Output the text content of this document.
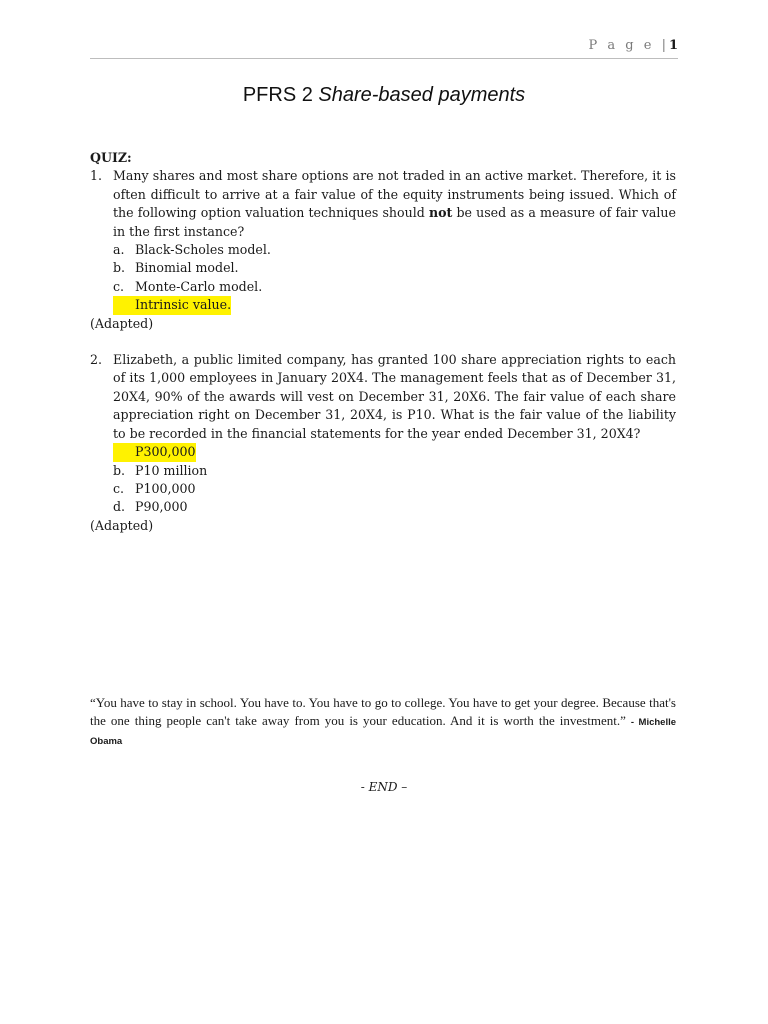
P a g e |1
PFRS 2 Share-based payments
QUIZ:
1. Many shares and most share options are not traded in an active market. Therefore, it is often difficult to arrive at a fair value of the equity instruments being issued. Which of the following option valuation techniques should not be used as a measure of fair value in the first instance?
a. Black-Scholes model.
b. Binomial model.
c. Monte-Carlo model.
Intrinsic value.
(Adapted)
2. Elizabeth, a public limited company, has granted 100 share appreciation rights to each of its 1,000 employees in January 20X4. The management feels that as of December 31, 20X4, 90% of the awards will vest on December 31, 20X6. The fair value of each share appreciation right on December 31, 20X4, is P10. What is the fair value of the liability to be recorded in the financial statements for the year ended December 31, 20X4?
P300,000
b. P10 million
c. P100,000
d. P90,000
(Adapted)
“You have to stay in school. You have to. You have to go to college. You have to get your degree. Because that's the one thing people can't take away from you is your education. And it is worth the investment.” - Michelle Obama
- END –
